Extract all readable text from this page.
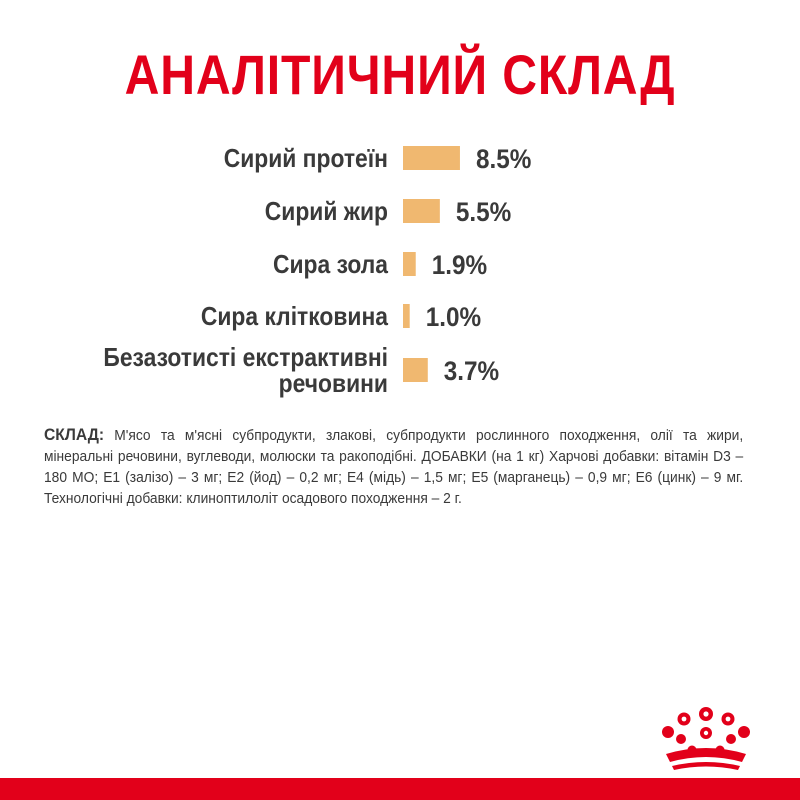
АНАЛІТИЧНИЙ СКЛАД
Сирий протеїн	8.5%
Сирий жир	5.5%
Сира зола 1.9%
Сира клітковина 1.0%
Безазотисті екстрактивні речовини 3.7%
СКЛАД: М'ясо та м'ясні субпродукти, злакові, субпродукти рослинного походження, олії та жири, мінеральні речовини, вуглеводи, молюски та ракоподібні. ДОБАВКИ (на 1 кг) Харчові добавки: вітамін D3 – 180 МО; E1 (залізо) – 3 мг; E2 (йод) – 0,2 мг; E4 (мідь) – 1,5 мг; E5 (марганець) – 0,9 мг; E6 (цинк) – 9 мг. Технологічні добавки: клиноптилоліт осадового походження – 2 г.
